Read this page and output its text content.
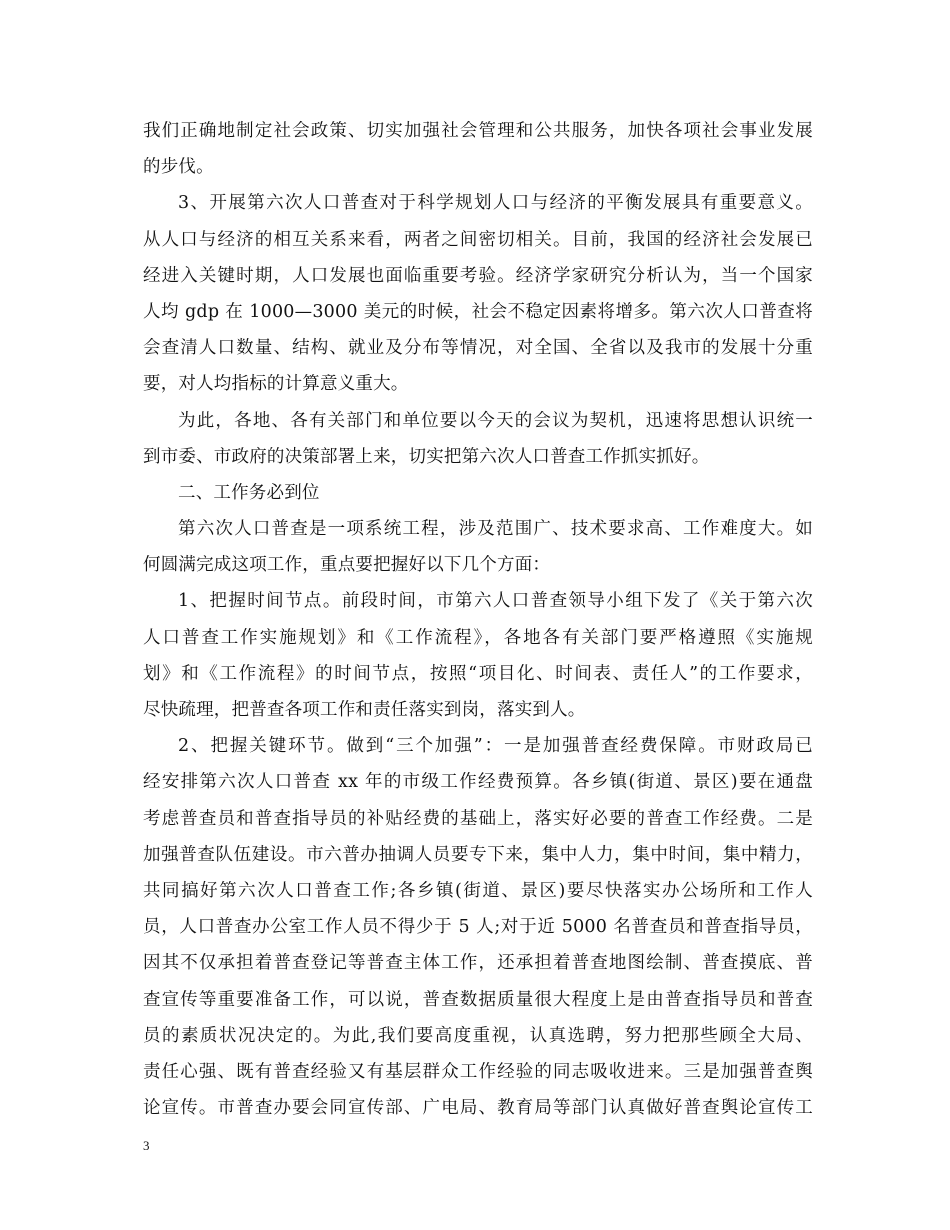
我们正确地制定社会政策、切实加强社会管理和公共服务，加快各项社会事业发展
的步伐。
3、开展第六次人口普查对于科学规划人口与经济的平衡发展具有重要意义。
从人口与经济的相互关系来看，两者之间密切相关。目前，我国的经济社会发展已
经进入关键时期，人口发展也面临重要考验。经济学家研究分析认为，当一个国家
人均 gdp 在 1000—3000 美元的时候，社会不稳定因素将增多。第六次人口普查将
会查清人口数量、结构、就业及分布等情况，对全国、全省以及我市的发展十分重
要，对人均指标的计算意义重大。
为此，各地、各有关部门和单位要以今天的会议为契机，迅速将思想认识统一
到市委、市政府的决策部署上来，切实把第六次人口普查工作抓实抓好。
二、工作务必到位
第六次人口普查是一项系统工程，涉及范围广、技术要求高、工作难度大。如
何圆满完成这项工作，重点要把握好以下几个方面：
1、把握时间节点。前段时间，市第六人口普查领导小组下发了《关于第六次
人口普查工作实施规划》和《工作流程》，各地各有关部门要严格遵照《实施规
划》和《工作流程》的时间节点，按照“项目化、时间表、责任人”的工作要求，
尽快疏理，把普查各项工作和责任落实到岗，落实到人。
2、把握关键环节。做到“三个加强”：一是加强普查经费保障。市财政局已
经安排第六次人口普查 xx 年的市级工作经费预算。各乡镇(街道、景区)要在通盘
考虑普查员和普查指导员的补贴经费的基础上，落实好必要的普查工作经费。二是
加强普查队伍建设。市六普办抽调人员要专下来，集中人力，集中时间，集中精力，
共同搞好第六次人口普查工作;各乡镇(街道、景区)要尽快落实办公场所和工作人
员，人口普查办公室工作人员不得少于 5 人;对于近 5000 名普查员和普查指导员，
因其不仅承担着普查登记等普查主体工作，还承担着普查地图绘制、普查摸底、普
查宣传等重要准备工作，可以说，普查数据质量很大程度上是由普查指导员和普查
员的素质状况决定的。为此,我们要高度重视，认真选聘，努力把那些顾全大局、
责任心强、既有普查经验又有基层群众工作经验的同志吸收进来。三是加强普查舆
论宣传。市普查办要会同宣传部、广电局、教育局等部门认真做好普查舆论宣传工
3
